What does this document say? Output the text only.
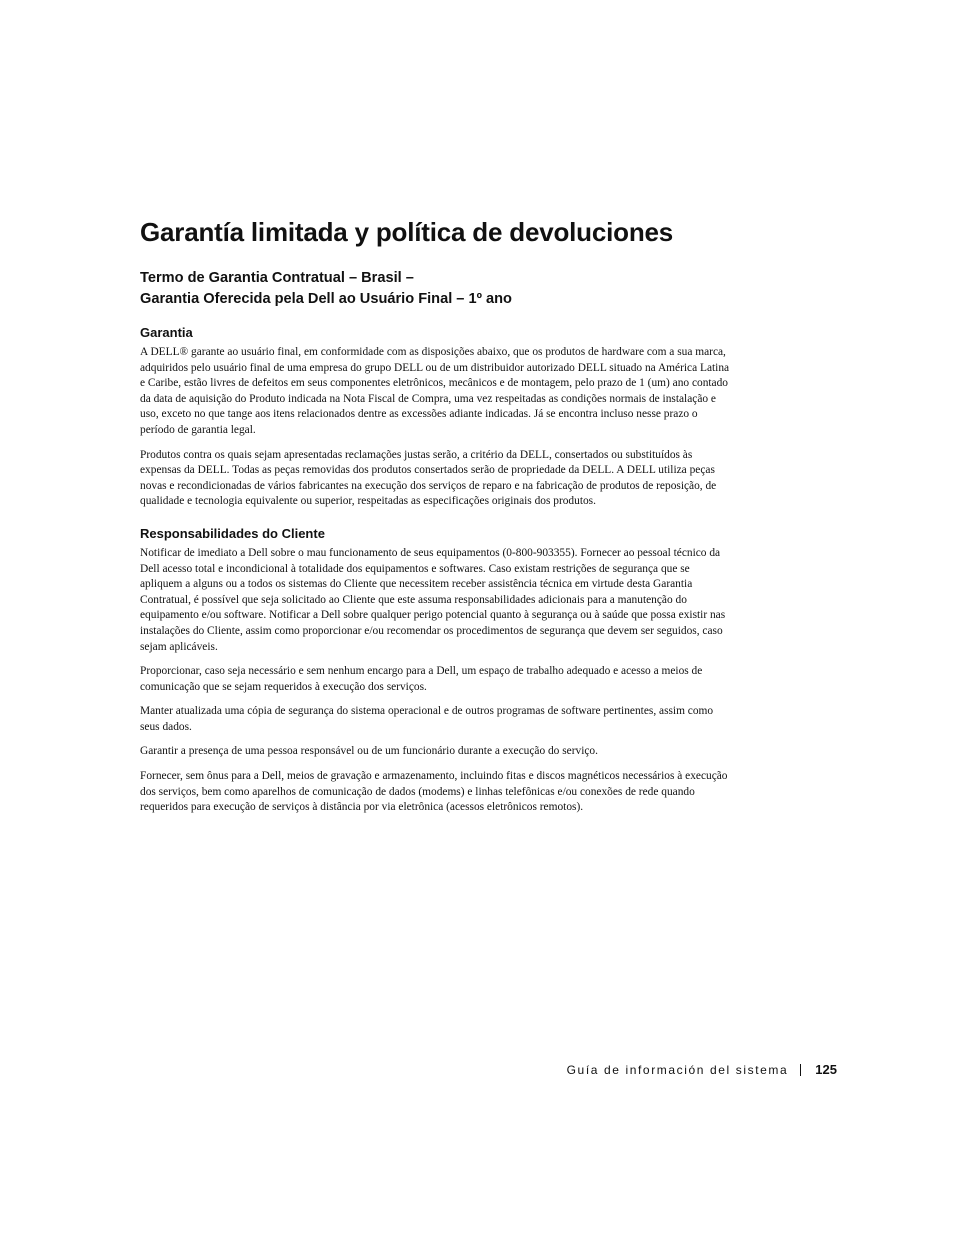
Garantía limitada y política de devoluciones
Termo de Garantia Contratual – Brasil –
Garantia Oferecida pela Dell ao Usuário Final – 1º ano
Garantia

A DELL® garante ao usuário final, em conformidade com as disposições abaixo, que os produtos de hardware com a sua marca, adquiridos pelo usuário final de uma empresa do grupo DELL ou de um distribuidor autorizado DELL situado na América Latina e Caribe, estão livres de defeitos em seus componentes eletrônicos, mecânicos e de montagem, pelo prazo de 1 (um) ano contado da data de aquisição do Produto indicada na Nota Fiscal de Compra, uma vez respeitadas as condições normais de instalação e uso, exceto no que tange aos itens relacionados dentre as excessões adiante indicadas. Já se encontra incluso nesse prazo o período de garantia legal.

Produtos contra os quais sejam apresentadas reclamações justas serão, a critério da DELL, consertados ou substituídos às expensas da DELL. Todas as peças removidas dos produtos consertados serão de propriedade da DELL. A DELL utiliza peças novas e recondicionadas de vários fabricantes na execução dos serviços de reparo e na fabricação de produtos de reposição, de qualidade e tecnologia equivalente ou superior, respeitadas as especificações originais dos produtos.

Responsabilidades do Cliente

Notificar de imediato a Dell sobre o mau funcionamento de seus equipamentos (0-800-903355). Fornecer ao pessoal técnico da Dell acesso total e incondicional à totalidade dos equipamentos e softwares. Caso existam restrições de segurança que se apliquem a alguns ou a todos os sistemas do Cliente que necessitem receber assistência técnica em virtude desta Garantia Contratual, é possível que seja solicitado ao Cliente que este assuma responsabilidades adicionais para a manutenção do equipamento e/ou software. Notificar a Dell sobre qualquer perigo potencial quanto à segurança ou à saúde que possa existir nas instalações do Cliente, assim como proporcionar e/ou recomendar os procedimentos de segurança que devem ser seguidos, caso sejam aplicáveis.

Proporcionar, caso seja necessário e sem nenhum encargo para a Dell, um espaço de trabalho adequado e acesso a meios de comunicação que se sejam requeridos à execução dos serviços.

Manter atualizada uma cópia de segurança do sistema operacional e de outros programas de software pertinentes, assim como seus dados.

Garantir a presença de uma pessoa responsável ou de um funcionário durante a execução do serviço.

Fornecer, sem ônus para a Dell, meios de gravação e armazenamento, incluindo fitas e discos magnéticos necessários à execução dos serviços, bem como aparelhos de comunicação de dados (modems) e linhas telefônicas e/ou conexões de rede quando requeridos para execução de serviços à distância por via eletrônica (acessos eletrônicos remotos).

Guía de información del sistema 125
